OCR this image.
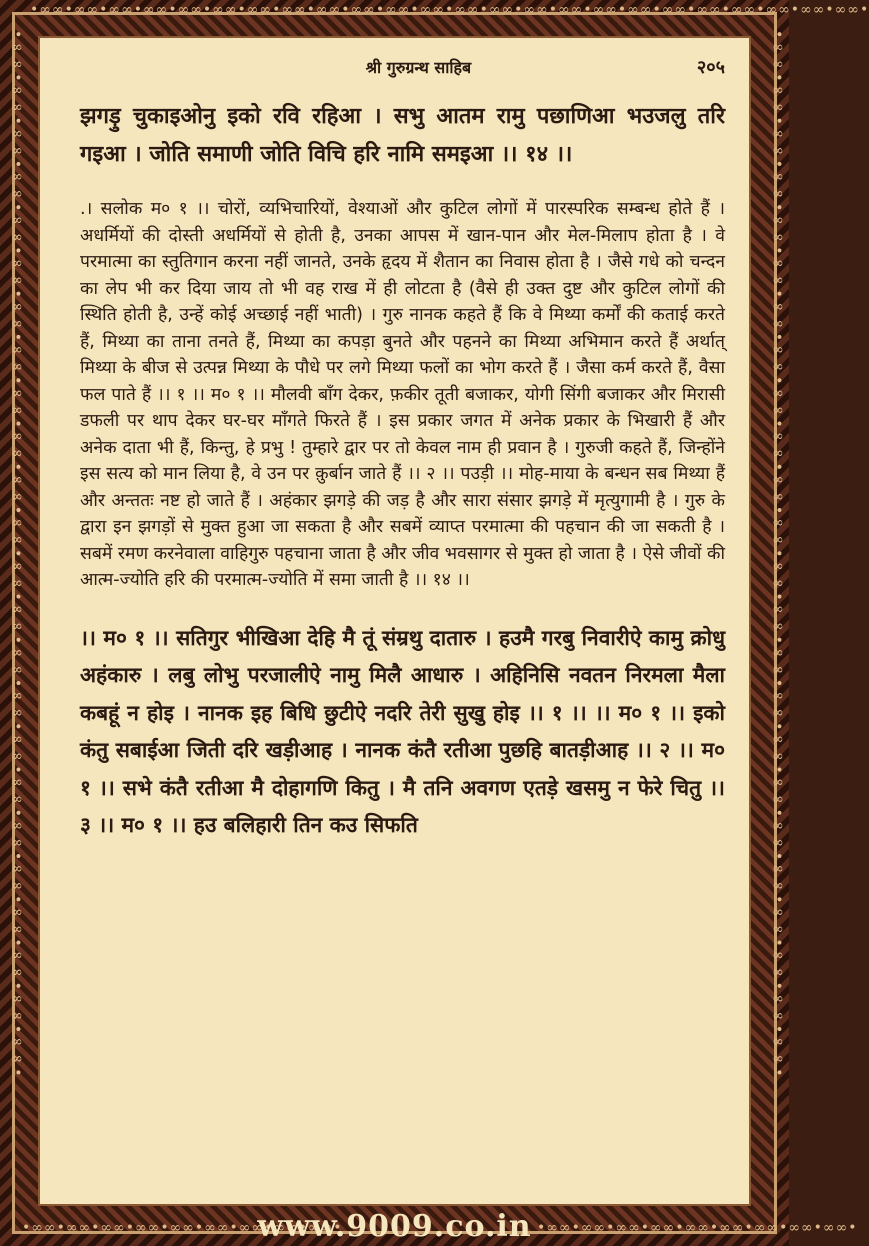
•∞∞•∞∞•∞∞•∞∞•∞∞•∞∞•∞∞•∞∞•∞∞•∞∞•∞∞•∞∞•∞∞•∞∞•∞∞•∞∞•∞∞•∞∞•∞∞•∞∞•∞∞•∞∞•∞∞•∞∞•
•∞∞•∞∞•∞∞•∞∞•∞∞•∞∞•∞∞•∞∞•∞∞•	•∞∞•∞∞•∞∞•∞∞•∞∞•∞∞•∞∞•∞∞•∞∞•
•∞∞•∞∞•∞∞•∞∞•∞∞•∞∞•∞∞•∞∞•∞∞•∞∞•∞∞•∞∞•∞∞•∞∞•∞∞•∞∞•∞∞•∞∞•∞∞•∞∞•∞∞•∞∞•∞∞•∞∞•	•∞∞•∞∞•∞∞•∞∞•∞∞•∞∞•∞∞•∞∞•∞∞•∞∞•∞∞•∞∞•∞∞•∞∞•∞∞•∞∞•∞∞•∞∞•∞∞•∞∞•∞∞•∞∞•∞∞•∞∞•
श्री गुरुग्रन्थ साहिब	२०५

झगड़ु चुकाइओनु इको रवि रहिआ । सभु आतम रामु पछाणिआ भउजलु तरि गइआ । जोति समाणी जोति विचि हरि नामि समइआ ।। १४ ।।

.। सलोक म० १ ।। चोरों, व्यभिचारियों, वेश्याओं और कुटिल लोगों में पारस्परिक सम्बन्ध होते हैं । अधर्मियों की दोस्ती अधर्मियों से होती है, उनका आपस में खान-पान और मेल-मिलाप होता है । वे परमात्मा का स्तुतिगान करना नहीं जानते, उनके हृदय में शैतान का निवास होता है । जैसे गधे को चन्दन का लेप भी कर दिया जाय तो भी वह राख में ही लोटता है (वैसे ही उक्त दुष्ट और कुटिल लोगों की स्थिति होती है, उन्हें कोई अच्छाई नहीं भाती) । गुरु नानक कहते हैं कि वे मिथ्या कर्मों की कताई करते हैं, मिथ्या का ताना तनते हैं, मिथ्या का कपड़ा बुनते और पहनने का मिथ्या अभिमान करते हैं अर्थात् मिथ्या के बीज से उत्पन्न मिथ्या के पौधे पर लगे मिथ्या फलों का भोग करते हैं । जैसा कर्म करते हैं, वैसा फल पाते हैं ।। १ ।। म० १ ।। मौलवी बाँग देकर, फ़कीर तूती बजाकर, योगी सिंगी बजाकर और मिरासी डफली पर थाप देकर घर-घर माँगते फिरते हैं । इस प्रकार जगत में अनेक प्रकार के भिखारी हैं और अनेक दाता भी हैं, किन्तु, हे प्रभु ! तुम्हारे द्वार पर तो केवल नाम ही प्रवान है । गुरुजी कहते हैं, जिन्होंने इस सत्य को मान लिया है, वे उन पर क़ुर्बान जाते हैं ।। २ ।। पउड़ी ।। मोह-माया के बन्धन सब मिथ्या हैं और अन्ततः नष्ट हो जाते हैं । अहंकार झगड़े की जड़ है और सारा संसार झगड़े में मृत्युगामी है । गुरु के द्वारा इन झगड़ों से मुक्त हुआ जा सकता है और सबमें व्याप्त परमात्मा की पहचान की जा सकती है । सबमें रमण करनेवाला वाहिगुरु पहचाना जाता है और जीव भवसागर से मुक्त हो जाता है । ऐसे जीवों की आत्म-ज्योति हरि की परमात्म-ज्योति में समा जाती है ।। १४ ।।

।। म० १ ।। सतिगुर भीखिआ देहि मै तूं संम्रथु दातारु । हउमै गरबु निवारीऐ कामु क्रोधु अहंकारु । लबु लोभु परजालीऐ नामु मिलै आधारु । अहिनिसि नवतन निरमला मैला कबहूं न होइ । नानक इह बिधि छुटीऐ नदरि तेरी सुखु होइ ।। १ ।। ।। म० १ ।। इको कंतु सबाईआ जिती दरि खड़ीआह । नानक कंतै रतीआ पुछहि बातड़ीआह ।। २ ।। म० १ ।। सभे कंतै रतीआ मै दोहागणि कितु । मै तनि अवगण एतड़े खसमु न फेरे चितु ।। ३ ।। म० १ ।। हउ बलिहारी तिन कउ सिफति

www.9009.co.in
